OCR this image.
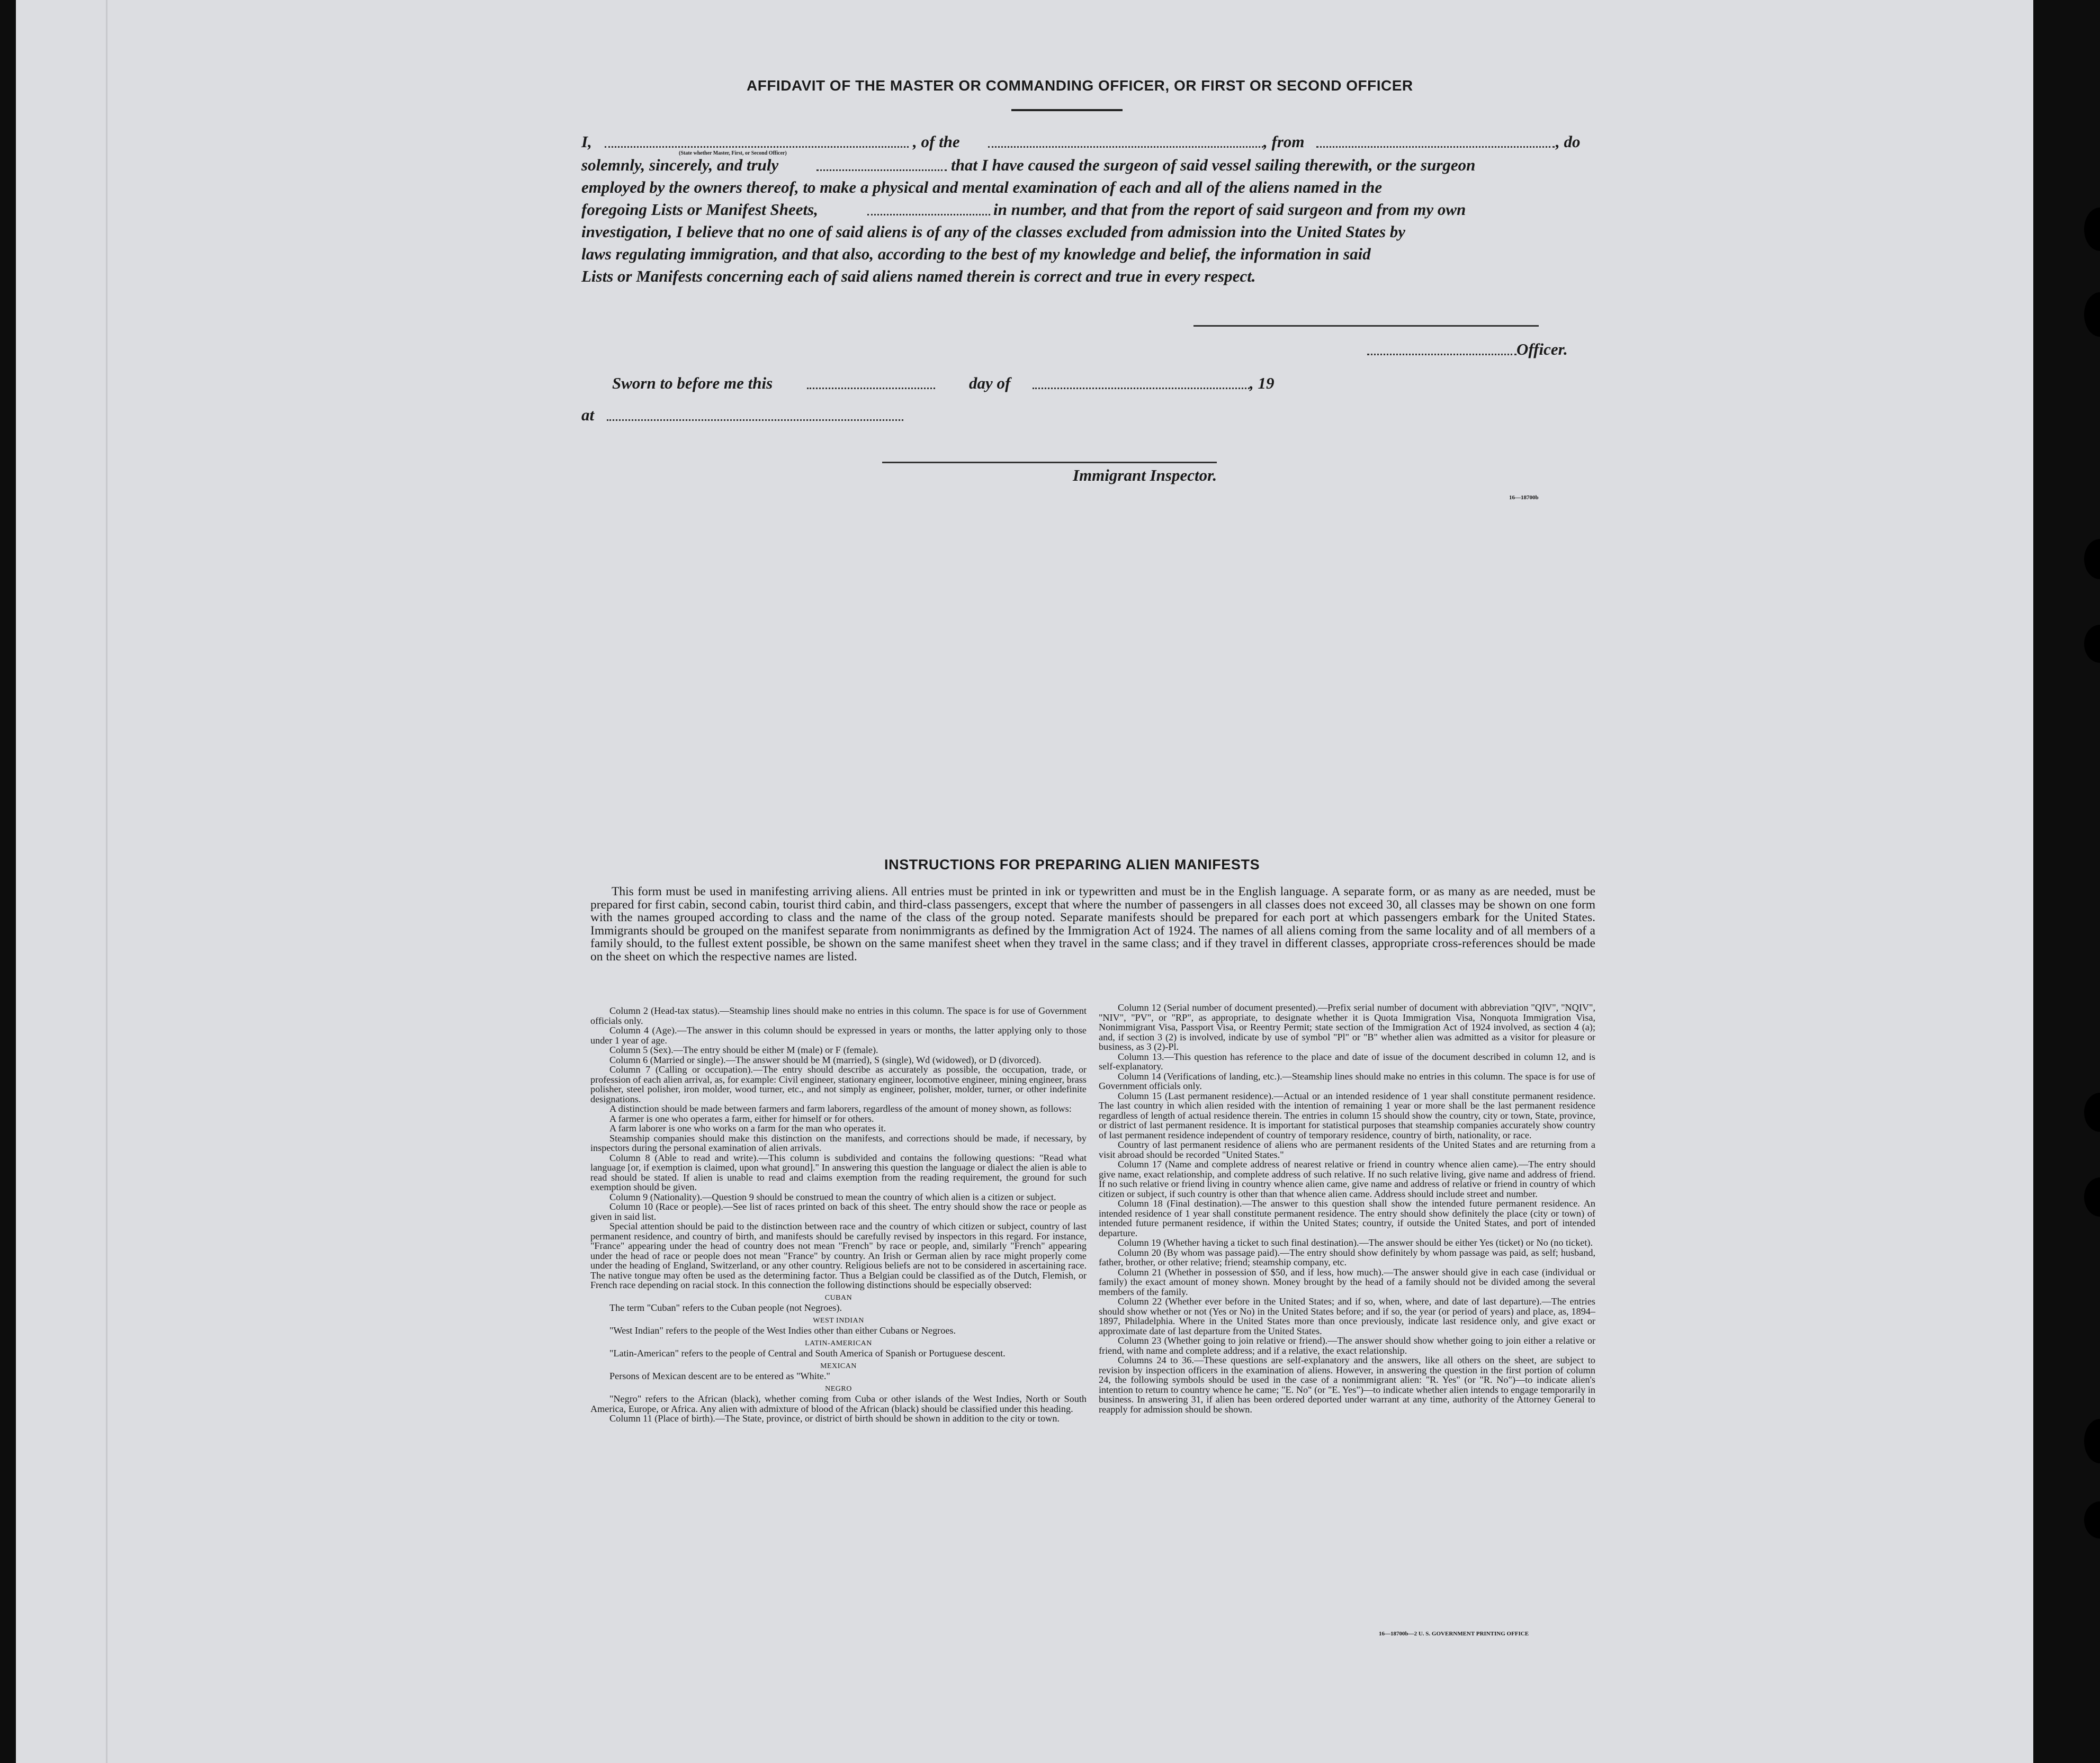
AFFIDAVIT OF THE MASTER OR COMMANDING OFFICER, OR FIRST OR SECOND OFFICER
I,	, of the	, from	, do
(State whether Master, First, or Second Officer)
solemnly, sincerely, and truly	that I have caused the surgeon of said vessel sailing therewith, or the surgeon
employed by the owners thereof, to make a physical and mental examination of each and all of the aliens named in the
foregoing Lists or Manifest Sheets,	in number, and that from the report of said surgeon and from my own
investigation, I believe that no one of said aliens is of any of the classes excluded from admission into the United States by
laws regulating immigration, and that also, according to the best of my knowledge and belief, the information in said
Lists or Manifests concerning each of said aliens named therein is correct and true in every respect.
Officer.
Sworn to before me this	day of	, 19
at
Immigrant Inspector.
16—18700b
INSTRUCTIONS FOR PREPARING ALIEN MANIFESTS

This form must be used in manifesting arriving aliens. All entries must be printed in ink or typewritten and must be in the English language. A separate form, or as many as are needed, must be prepared for first cabin, second cabin, tourist third cabin, and third-class passengers, except that where the number of passengers in all classes does not exceed 30, all classes may be shown on one form with the names grouped according to class and the name of the class of the group noted. Separate manifests should be prepared for each port at which passengers embark for the United States. Immigrants should be grouped on the manifest separate from nonimmigrants as defined by the Immigration Act of 1924. The names of all aliens coming from the same locality and of all members of a family should, to the fullest extent possible, be shown on the same manifest sheet when they travel in the same class; and if they travel in different classes, appropriate cross-references should be made on the sheet on which the respective names are listed.

Column 2 (Head-tax status).—Steamship lines should make no entries in this column. The space is for use of Government officials only.

Column 4 (Age).—The answer in this column should be expressed in years or months, the latter applying only to those under 1 year of age.

Column 5 (Sex).—The entry should be either M (male) or F (female).

Column 6 (Married or single).—The answer should be M (married), S (single), Wd (widowed), or D (divorced).

Column 7 (Calling or occupation).—The entry should describe as accurately as possible, the occupation, trade, or profession of each alien arrival, as, for example: Civil engineer, stationary engineer, locomotive engineer, mining engineer, brass polisher, steel polisher, iron molder, wood turner, etc., and not simply as engineer, polisher, molder, turner, or other indefinite designations.

A distinction should be made between farmers and farm laborers, regardless of the amount of money shown, as follows:

A farmer is one who operates a farm, either for himself or for others.

A farm laborer is one who works on a farm for the man who operates it.

Steamship companies should make this distinction on the manifests, and corrections should be made, if necessary, by inspectors during the personal examination of alien arrivals.

Column 8 (Able to read and write).—This column is subdivided and contains the following questions: "Read what language [or, if exemption is claimed, upon what ground]." In answering this question the language or dialect the alien is able to read should be stated. If alien is unable to read and claims exemption from the reading requirement, the ground for such exemption should be given.

Column 9 (Nationality).—Question 9 should be construed to mean the country of which alien is a citizen or subject.

Column 10 (Race or people).—See list of races printed on back of this sheet. The entry should show the race or people as given in said list.

Special attention should be paid to the distinction between race and the country of which citizen or subject, country of last permanent residence, and country of birth, and manifests should be carefully revised by inspectors in this regard. For instance, "France" appearing under the head of country does not mean "French" by race or people, and, similarly "French" appearing under the head of race or people does not mean "France" by country. An Irish or German alien by race might properly come under the heading of England, Switzerland, or any other country. Religious beliefs are not to be considered in ascertaining race. The native tongue may often be used as the determining factor. Thus a Belgian could be classified as of the Dutch, Flemish, or French race depending on racial stock. In this connection the following distinctions should be especially observed:

CUBAN

The term "Cuban" refers to the Cuban people (not Negroes).

WEST INDIAN

"West Indian" refers to the people of the West Indies other than either Cubans or Negroes.

LATIN-AMERICAN

"Latin-American" refers to the people of Central and South America of Spanish or Portuguese descent.

MEXICAN

Persons of Mexican descent are to be entered as "White."

NEGRO

"Negro" refers to the African (black), whether coming from Cuba or other islands of the West Indies, North or South America, Europe, or Africa. Any alien with admixture of blood of the African (black) should be classified under this heading.

Column 11 (Place of birth).—The State, province, or district of birth should be shown in addition to the city or town.

Column 12 (Serial number of document presented).—Prefix serial number of document with abbreviation "QIV", "NQIV", "NIV", "PV", or "RP", as appropriate, to designate whether it is Quota Immigration Visa, Nonquota Immigration Visa, Nonimmigrant Visa, Passport Visa, or Reentry Permit; state section of the Immigration Act of 1924 involved, as section 4 (a); and, if section 3 (2) is involved, indicate by use of symbol "Pl" or "B" whether alien was admitted as a visitor for pleasure or business, as 3 (2)-Pl.

Column 13.—This question has reference to the place and date of issue of the document described in column 12, and is self-explanatory.

Column 14 (Verifications of landing, etc.).—Steamship lines should make no entries in this column. The space is for use of Government officials only.

Column 15 (Last permanent residence).—Actual or an intended residence of 1 year shall constitute permanent residence. The last country in which alien resided with the intention of remaining 1 year or more shall be the last permanent residence regardless of length of actual residence therein. The entries in column 15 should show the country, city or town, State, province, or district of last permanent residence. It is important for statistical purposes that steamship companies accurately show country of last permanent residence independent of country of temporary residence, country of birth, nationality, or race.

Country of last permanent residence of aliens who are permanent residents of the United States and are returning from a visit abroad should be recorded "United States."

Column 17 (Name and complete address of nearest relative or friend in country whence alien came).—The entry should give name, exact relationship, and complete address of such relative. If no such relative living, give name and address of friend. If no such relative or friend living in country whence alien came, give name and address of relative or friend in country of which citizen or subject, if such country is other than that whence alien came. Address should include street and number.

Column 18 (Final destination).—The answer to this question shall show the intended future permanent residence. An intended residence of 1 year shall constitute permanent residence. The entry should show definitely the place (city or town) of intended future permanent residence, if within the United States; country, if outside the United States, and port of intended departure.

Column 19 (Whether having a ticket to such final destination).—The answer should be either Yes (ticket) or No (no ticket).

Column 20 (By whom was passage paid).—The entry should show definitely by whom passage was paid, as self; husband, father, brother, or other relative; friend; steamship company, etc.

Column 21 (Whether in possession of $50, and if less, how much).—The answer should give in each case (individual or family) the exact amount of money shown. Money brought by the head of a family should not be divided among the several members of the family.

Column 22 (Whether ever before in the United States; and if so, when, where, and date of last departure).—The entries should show whether or not (Yes or No) in the United States before; and if so, the year (or period of years) and place, as, 1894–1897, Philadelphia. Where in the United States more than once previously, indicate last residence only, and give exact or approximate date of last departure from the United States.

Column 23 (Whether going to join relative or friend).—The answer should show whether going to join either a relative or friend, with name and complete address; and if a relative, the exact relationship.

Columns 24 to 36.—These questions are self-explanatory and the answers, like all others on the sheet, are subject to revision by inspection officers in the examination of aliens. However, in answering the question in the first portion of column 24, the following symbols should be used in the case of a nonimmigrant alien: "R. Yes" (or "R. No")—to indicate alien's intention to return to country whence he came; "E. No" (or "E. Yes")—to indicate whether alien intends to engage temporarily in business. In answering 31, if alien has been ordered deported under warrant at any time, authority of the Attorney General to reapply for admission should be shown.

16—18700b—2 U. S. GOVERNMENT PRINTING OFFICE
